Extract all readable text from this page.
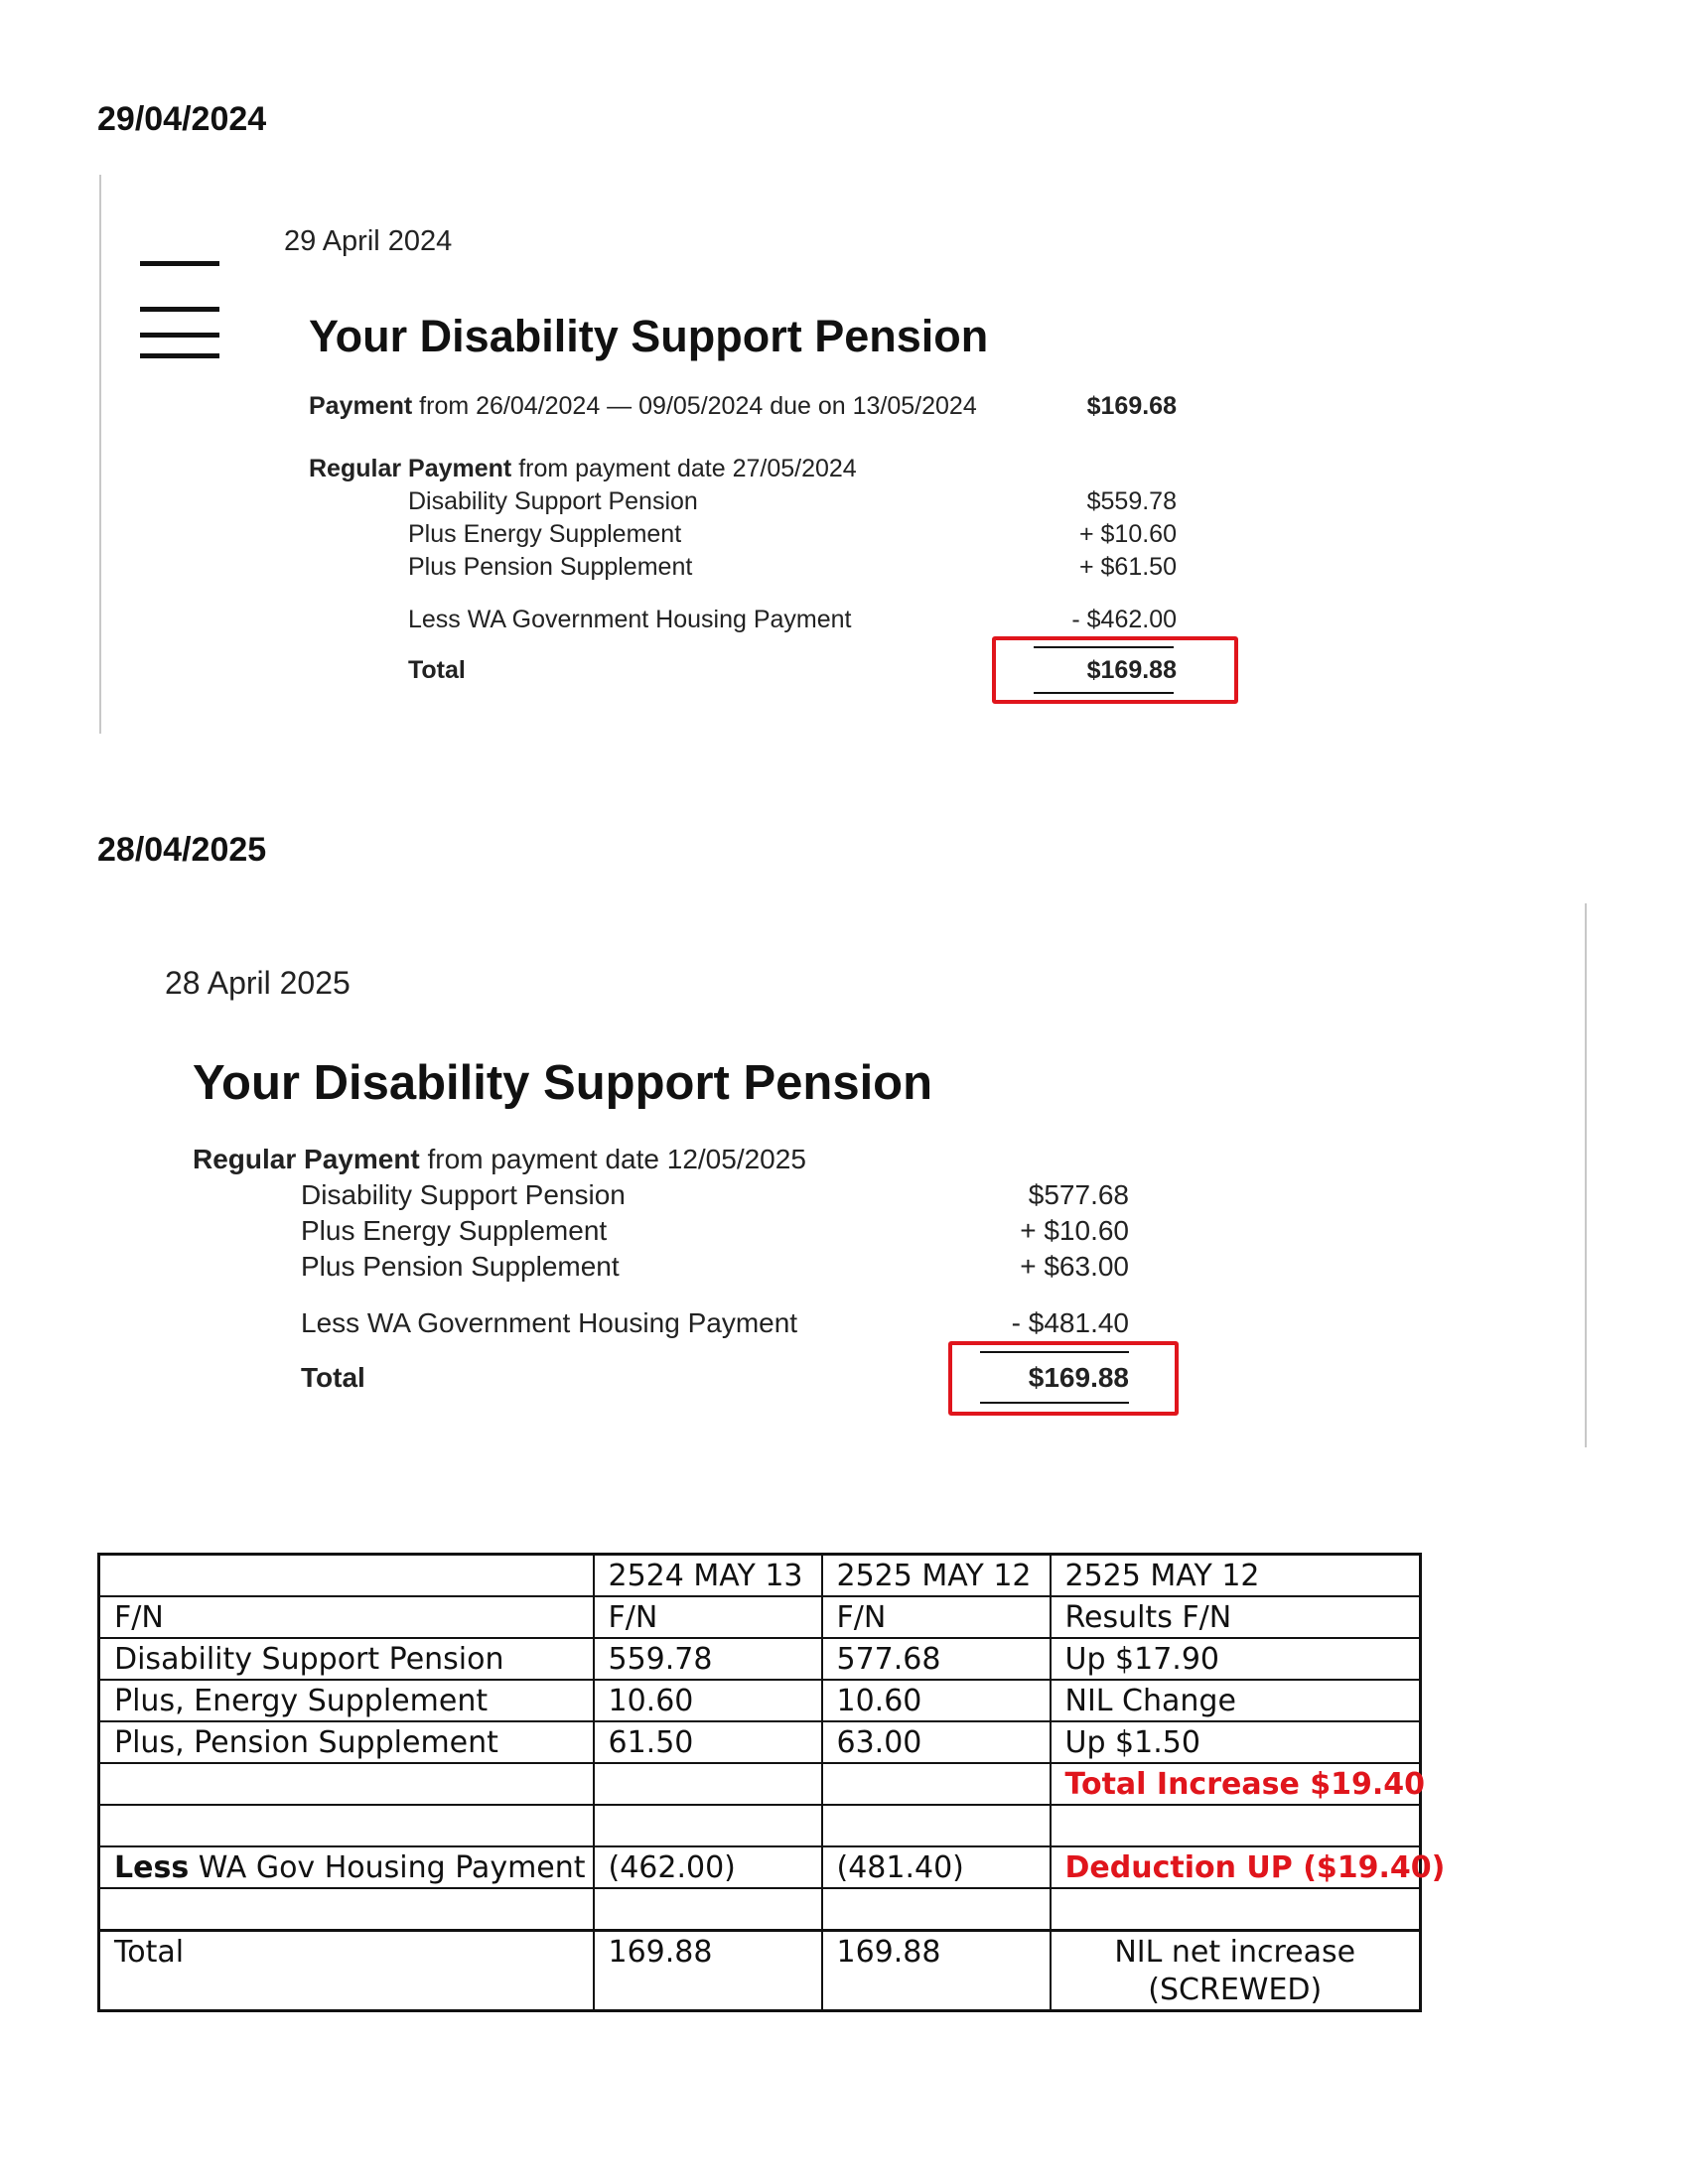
29/04/2024
29 April 2024
Your Disability Support Pension
Payment from 26/04/2024 — 09/05/2024 due on 13/05/2024	$169.68
Regular Payment from payment date 27/05/2024
Disability Support Pension	$559.78
Plus Energy Supplement	+ $10.60
Plus Pension Supplement	+ $61.50
Less WA Government Housing Payment	- $462.00
Total	$169.88
28/04/2025
28 April 2025
Your Disability Support Pension
Regular Payment from payment date 12/05/2025
Disability Support Pension	$577.68
Plus Energy Supplement	+ $10.60
Plus Pension Supplement	+ $63.00
Less WA Government Housing Payment	- $481.40
Total	$169.88
	2524 MAY 13	2525 MAY 12	2525 MAY 12
F/N	F/N	F/N	Results F/N
Disability Support Pension	559.78	577.68	Up $17.90
Plus, Energy Supplement	10.60	10.60	NIL Change
Plus, Pension Supplement	61.50	63.00	Up $1.50
			Total Increase $19.40

Less WA Gov Housing Payment	(462.00)	(481.40)	Deduction UP ($19.40)

Total	169.88	169.88	NIL net increase
(SCREWED)
